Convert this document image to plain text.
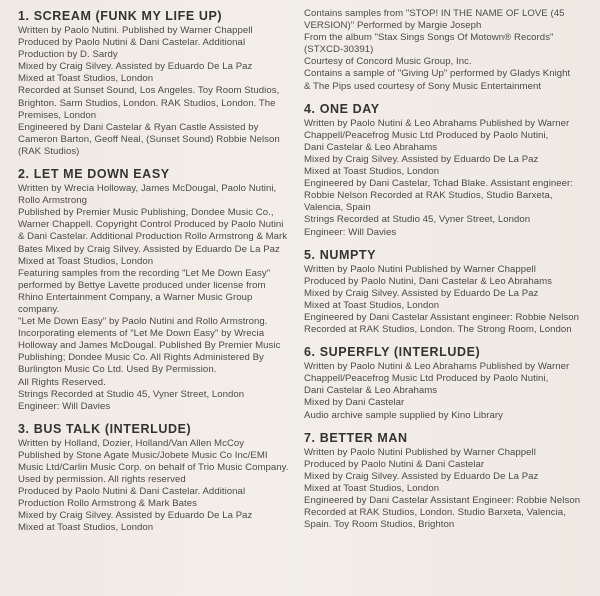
1. SCREAM (FUNK MY LIFE UP)
Written by Paolo Nutini. Published by Warner Chappell
Produced by Paolo Nutini & Dani Castelar. Additional
Production by D. Sardy
Mixed by Craig Silvey. Assisted by Eduardo De La Paz
Mixed at Toast Studios, London
Recorded at Sunset Sound, Los Angeles. Toy Room Studios,
Brighton. Sarm Studios, London. RAK Studios, London. The
Premises, London
Engineered by Dani Castelar & Ryan Castle Assisted by
Cameron Barton, Geoff Neal, (Sunset Sound) Robbie Nelson
(RAK Studios)
2. LET ME DOWN EASY
Written by Wrecia Holloway, James McDougal, Paolo Nutini,
Rollo Armstrong
Published by Premier Music Publishing, Dondee Music Co.,
Warner Chappell. Copyright Control Produced by Paolo Nutini
& Dani Castelar. Additional Production Rollo Armstrong & Mark
Bates Mixed by Craig Silvey. Assisted by Eduardo De La Paz
Mixed at Toast Studios, London
Featuring samples from the recording "Let Me Down Easy"
performed by Bettye Lavette produced under license from
Rhino Entertainment Company, a Warner Music Group
company.
"Let Me Down Easy" by Paolo Nutini and Rollo Armstrong.
Incorporating elements of "Let Me Down Easy" by Wrecia
Holloway and James McDougal. Published By Premier Music
Publishing; Dondee Music Co. All Rights Administered By
Burlington Music Co Ltd. Used By Permission.
All Rights Reserved.
Strings Recorded at Studio 45, Vyner Street, London
Engineer: Will Davies
3. BUS TALK (INTERLUDE)
Written by Holland, Dozier, Holland/Van Allen McCoy
Published by Stone Agate Music/Jobete Music Co Inc/EMI
Music Ltd/Carlin Music Corp. on behalf of Trio Music Company.
Used by permission. All rights reserved
Produced by Paolo Nutini & Dani Castelar. Additional
Production Rollo Armstrong & Mark Bates
Mixed by Craig Silvey. Assisted by Eduardo De La Paz
Mixed at Toast Studios, London
Contains samples from "STOP! IN THE NAME OF LOVE (45
VERSION)" Performed by Margie Joseph
From the album "Stax Sings Songs Of Motown® Records"
(STXCD-30391)
Courtesy of Concord Music Group, Inc.
Contains a sample of "Giving Up" performed by Gladys Knight
& The Pips used courtesy of Sony Music Entertainment
4. ONE DAY
Written by Paolo Nutini & Leo Abrahams Published by Warner
Chappell/Peacefrog Music Ltd Produced by Paolo Nutini,
Dani Castelar & Leo Abrahams
Mixed by Craig Silvey. Assisted by Eduardo De La Paz
Mixed at Toast Studios, London
Engineered by Dani Castelar, Tchad Blake. Assistant engineer:
Robbie Nelson Recorded at RAK Studios, Studio Barxeta,
Valencia, Spain
Strings Recorded at Studio 45, Vyner Street, London
Engineer: Will Davies
5. NUMPTY
Written by Paolo Nutini Published by Warner Chappell
Produced by Paolo Nutini, Dani Castelar & Leo Abrahams
Mixed by Craig Silvey. Assisted by Eduardo De La Paz
Mixed at Toast Studios, London
Engineered by Dani Castelar Assistant engineer: Robbie Nelson
Recorded at RAK Studios, London. The Strong Room, London
6. SUPERFLY (INTERLUDE)
Written by Paolo Nutini & Leo Abrahams Published by Warner
Chappell/Peacefrog Music Ltd Produced by Paolo Nutini,
Dani Castelar & Leo Abrahams
Mixed by Dani Castelar
Audio archive sample supplied by Kino Library
7. BETTER MAN
Written by Paolo Nutini Published by Warner Chappell
Produced by Paolo Nutini & Dani Castelar
Mixed by Craig Silvey. Assisted by Eduardo De La Paz
Mixed at Toast Studios, London
Engineered by Dani Castelar Assistant Engineer: Robbie Nelson
Recorded at RAK Studios, London. Studio Barxeta, Valencia,
Spain. Toy Room Studios, Brighton
